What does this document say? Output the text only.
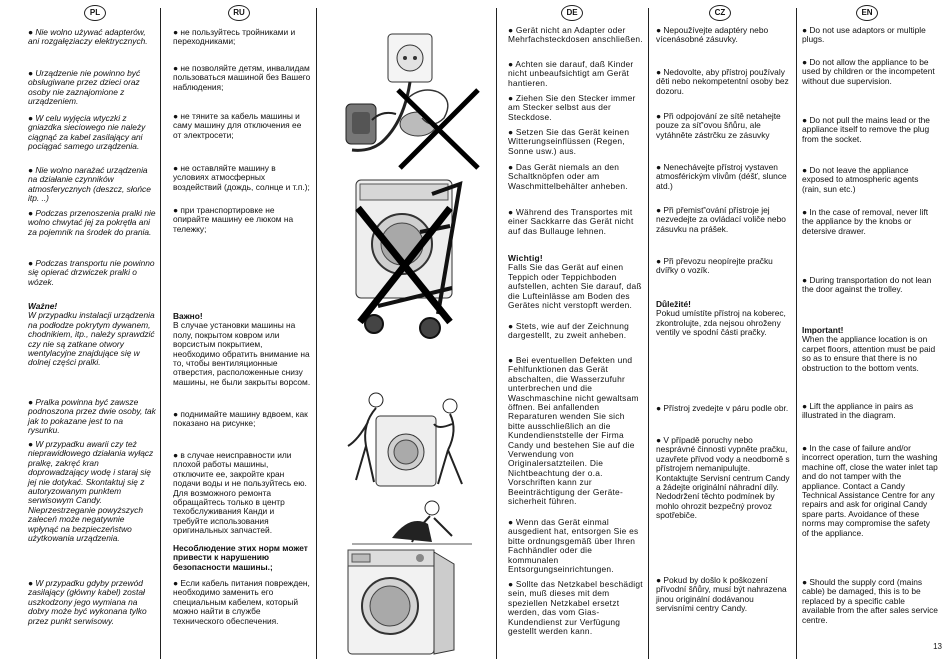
PL	RU	DE	CZ	EN

● Nie wolno używać adapterów, ani rozgałęziaczy elektrycznych.

● Urządzenie nie powinno być obsługiwane przez dzieci oraz osoby nie zaznajomione z urządzeniem.

● W celu wyjęcia wtyczki z gniazdka sieciowego nie należy ciągnąć za kabel zasilający ani pociągać samego urządzenia.

● Nie wolno narażać urządzenia na działanie czynników atmosferycznych (deszcz, słońce itp. ..)

● Podczas przenoszenia pralki nie wolno chwytać jej za pokrętła ani za pojemnik na środek do prania.

● Podczas transportu nie powinno się opierać drzwiczek pralki o wózek.

Ważne!
W przypadku instalacji urządzenia na podłodze pokrytym dywanem, chodnikiem, itp., należy sprawdzić czy nie są zatkane otwory wentylacyjne znajdujące się w dolnej części pralki.

● Pralka powinna być zawsze podnoszona przez dwie osoby, tak jak to pokazane jest to na rysunku.

● W przypadku awarii czy też nieprawidłowego działania wyłącz pralkę, zakręć kran doprowadzający wodę i staraj się jej nie dotykać. Skontaktuj się z autoryzowanym punktem serwisowym Candy. Nieprzestrzeganie powyższych zaleceń może negatywnie wpłynąć na bezpieczeństwo użytkowania urządzenia.

● W przypadku gdyby przewód zasilający (główny kabel) został uszkodzony jego wymiana na dobry może być wykonana tylko przez punkt serwisowy.

● не пользуйтесь тройниками и переходниками;

● не позволяйте детям, инвалидам пользоваться машиной без Вашего наблюдения;

● не тяните за кабель машины и саму машину для отключения ее от электросети;

● не оставляйте машину в условиях атмосферных воздействий (дождь, солнце и т.п.);

● при транспортировке не опирайте машину ее люком на тележку;

Важно!
В случае установки машины на полу, покрытом ковром или ворсистым покрытием, необходимо обратить внимание на то, чтобы вентиляционные отверстия, расположенные снизу машины, не были закрыты ворсом.

● поднимайте машину вдвоем, как показано на рисунке;

● в случае неисправности или плохой работы машины, отключите ее, закройте кран подачи воды и не пользуйтесь ею. Для возможного ремонта обращайтесь только в центр техобслуживания Канди и требуйте использования оригинальных запчастей.

Несоблюдение этих норм может привести к нарушению безопасности машины.;

● Если кабель питания поврежден, необходимо заменить его специальным кабелем, который можно найти в службе технического обеспечения.

● Gerät nicht an Adapter oder Mehrfachsteckdosen anschließen.

● Achten sie darauf, daß Kinder nicht unbeaufsichtigt am Gerät hantieren.

● Ziehen Sie den Stecker immer am Stecker selbst aus der Steckdose.

● Setzen Sie das Gerät keinen Witterungseinflüssen (Regen, Sonne usw.) aus.

● Das Gerät niemals an den Schaltknöpfen oder am Waschmittelbehälter anheben.

● Während des Transportes mit einer Sackkarre das Gerät nicht auf das Bullauge lehnen.

Wichtig!
Falls Sie das Gerät auf einen Teppich oder Teppichboden aufstellen, achten Sie darauf, daß die Lufteinlässe am Boden des Gerätes nicht verstopft werden.

● Stets, wie auf der Zeichnung dargestellt, zu zweit anheben.

● Bei eventuellen Defekten und Fehlfunktionen das Gerät abschalten, die Wasserzufuhr unterbrechen und die Waschmaschine nicht gewaltsam öffnen. Bei anfallenden Reparaturen wenden Sie sich bitte ausschließlich an die Kundendienststelle der Firma Candy und bestehen Sie auf die Verwendung von Originalersatzteilen. Die Nichtbeachtung der o.a. Vorschriften kann zur Beeinträchtigung der Geräte-sicherheit führen.

● Wenn das Gerät einmal ausgedient hat, entsorgen Sie es bitte ordnungsgemäß über Ihren Fachhändler oder die kommunalen Entsorgungseinrichtungen.

● Sollte das Netzkabel beschädigt sein, muß dieses mit dem speziellen Netzkabel ersetzt werden, das vom Gias-Kundendienst zur Verfügung gestellt werden kann.

● Nepoužívejte adaptéry nebo vícenásobné zásuvky.

● Nedovolte, aby přístroj používaly děti nebo nekompetentní osoby bez dozoru.

● Při odpojování ze sítě netahejte pouze za síť'ovou šňůru, ale vytáhněte zástrčku ze zásuvky

● Nenechávejte přístroj vystaven atmosférickým vlivům (déšť, slunce atd.)

● Při přemisť'ování přístroje jej nezvedejte za ovládací voliče nebo zásuvku na prášek.

● Při převozu neopírejte pračku dvířky o vozík.

Důležité!
Pokud umístíte přístroj na koberec, zkontrolujte, zda nejsou ohroženy ventily ve spodní části pračky.

● Přístroj zvedejte v páru podle obr.

● V případě poruchy nebo nesprávné činnosti vypněte pračku, uzavřete přívod vody a neodborně s přístrojem nemanipulujte. Kontaktujte Servisní centrum Candy a žádejte originální náhradní díly. Nedodržení těchto podmínek by mohlo ohrozit bezpečný provoz spotřebiče.

● Pokud by došlo k poškození přívodní šňůry, musí být nahrazena jinou originální dodávanou servisními centry Candy.

● Do not use adaptors or multiple plugs.

● Do not allow the appliance to be used by children or the incompetent without due supervision.

● Do not pull the mains lead or the appliance itself to remove the plug from the socket.

● Do not leave the appliance exposed to atmospheric agents (rain, sun etc.)

● In the case of removal, never lift the appliance by the knobs or detersive drawer.

● During transportation do not lean the door against the trolley.

Important!
When the appliance location is on carpet floors, attention must be paid so as to ensure that there is no obstruction to the bottom vents.

● Lift the appliance in pairs as illustrated in the diagram.

● In the case of failure and/or incorrect operation, turn the washing machine off, close the water inlet tap and do not tamper with the appliance. Contact a Candy Technical Assistance Centre for any repairs and ask for original Candy spare parts. Avoidance of these norms may compromise the safety of the appliance.

● Should the supply cord (mains cable) be damaged, this is to be replaced by a specific cable available from the after sales service centre.

13
